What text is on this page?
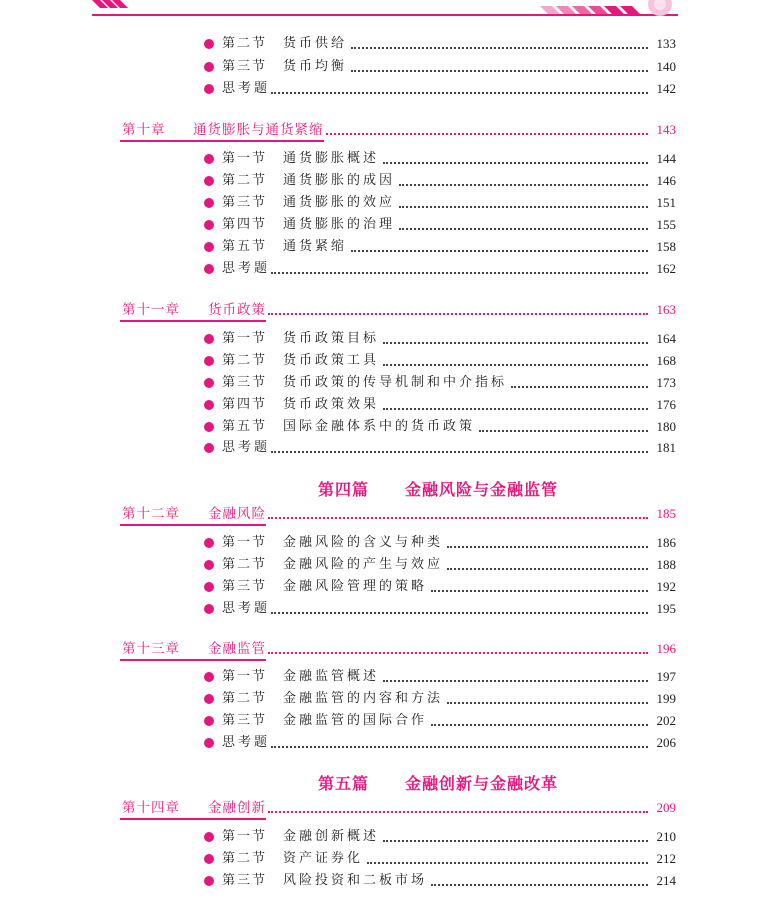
第二节 货币供给	133
第三节 货币均衡	140
思考题	142
第十章 通货膨胀与通货紧缩	143
第一节 通货膨胀概述	144
第二节 通货膨胀的成因	146
第三节 通货膨胀的效应	151
第四节 通货膨胀的治理	155
第五节 通货紧缩	158
思考题	162
第十一章 货币政策	163
第一节 货币政策目标	164
第二节 货币政策工具	168
第三节 货币政策的传导机制和中介指标	173
第四节 货币政策效果	176
第五节 国际金融体系中的货币政策	180
思考题	181
第四篇 金融风险与金融监管
第十二章 金融风险	185
第一节 金融风险的含义与种类	186
第二节 金融风险的产生与效应	188
第三节 金融风险管理的策略	192
思考题	195
第十三章 金融监管	196
第一节 金融监管概述	197
第二节 金融监管的内容和方法	199
第三节 金融监管的国际合作	202
思考题	206
第五篇 金融创新与金融改革
第十四章 金融创新	209
第一节 金融创新概述	210
第二节 资产证券化	212
第三节 风险投资和二板市场	214
